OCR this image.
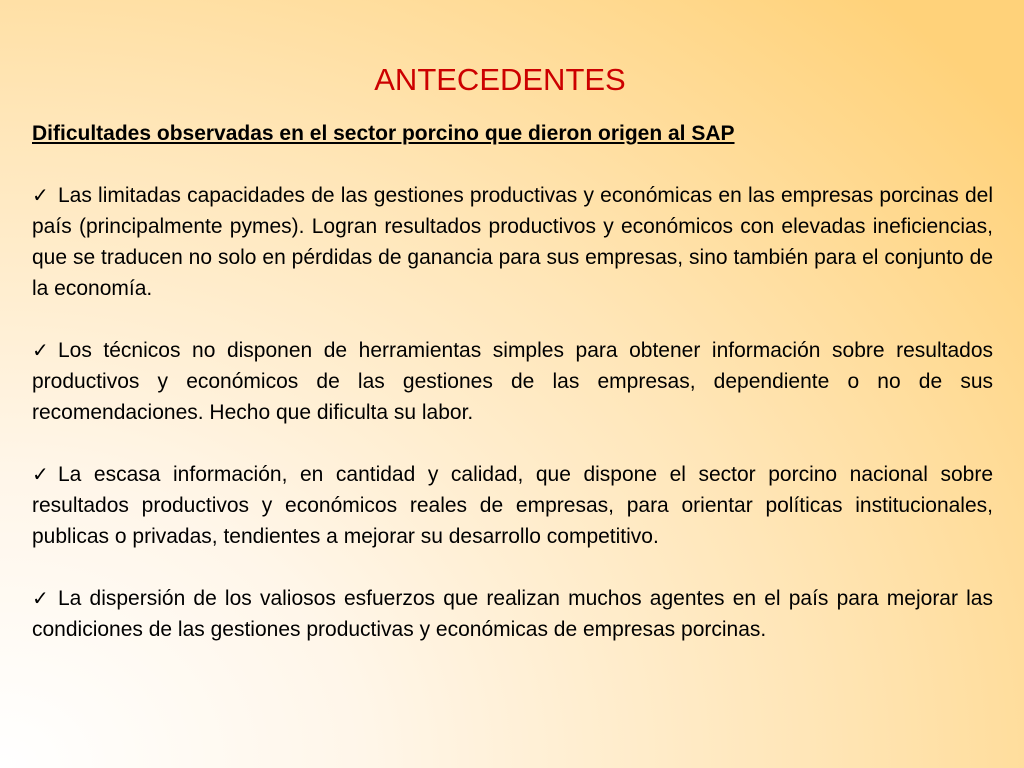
ANTECEDENTES
Dificultades observadas en el sector porcino que dieron origen al SAP
✓ Las limitadas capacidades de las gestiones productivas y económicas en las empresas porcinas del país (principalmente pymes). Logran resultados productivos y económicos con elevadas ineficiencias, que se traducen no solo en pérdidas de ganancia para sus empresas, sino también para el conjunto de la economía.
✓ Los técnicos no disponen de herramientas simples para obtener información sobre resultados productivos y económicos de las gestiones de las empresas, dependiente o no de sus recomendaciones. Hecho que dificulta su labor.
✓ La escasa información, en cantidad y calidad, que dispone el sector porcino nacional sobre resultados productivos y económicos reales de empresas, para orientar políticas institucionales, publicas o privadas, tendientes a mejorar su desarrollo competitivo.
✓ La dispersión de los valiosos esfuerzos que realizan muchos agentes en el país para mejorar las condiciones de las gestiones productivas y económicas de empresas porcinas.
